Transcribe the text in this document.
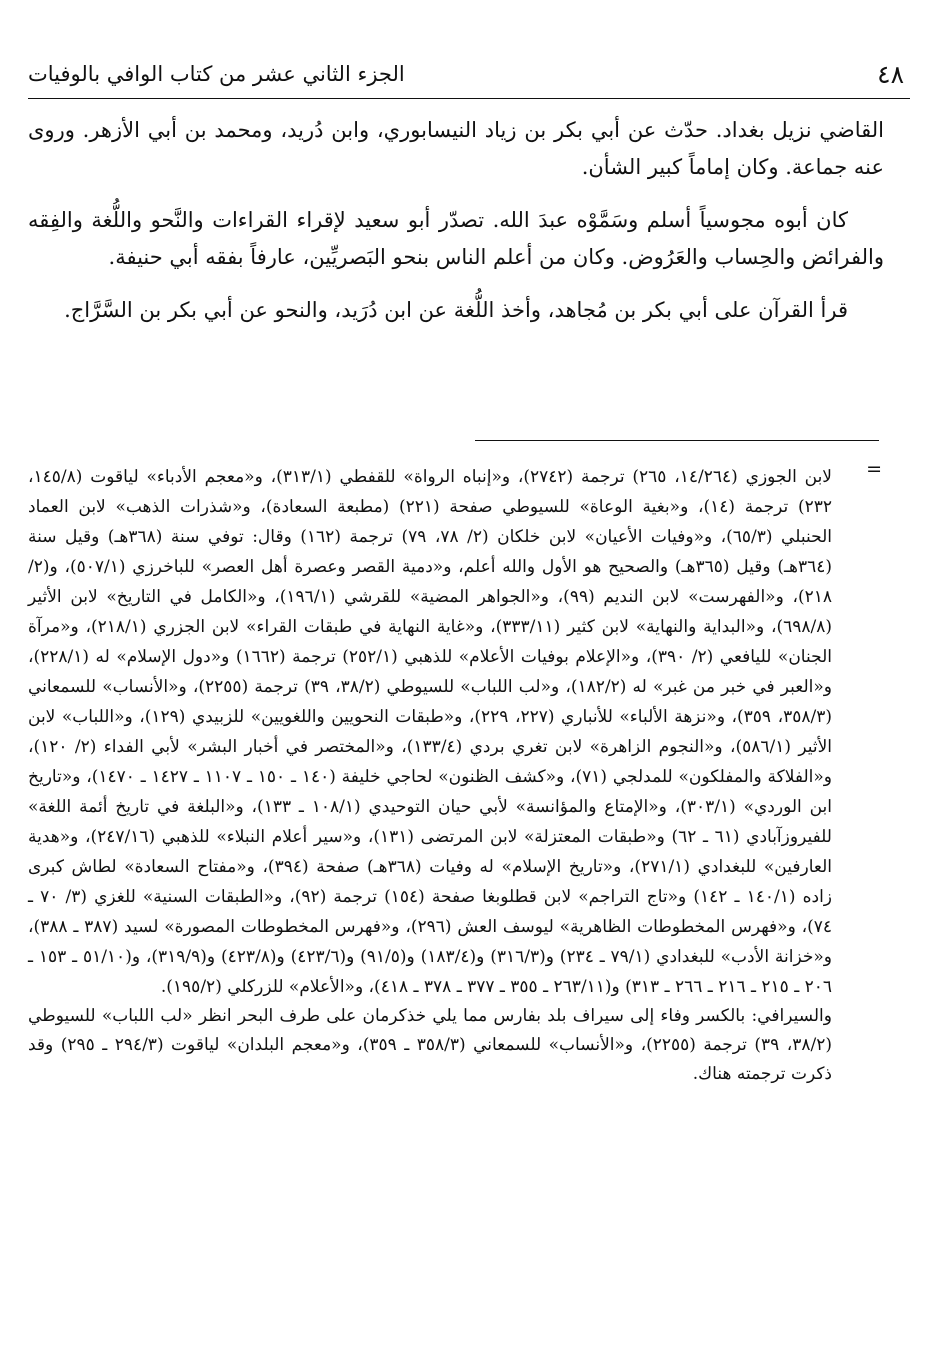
٤٨
الجزء الثاني عشر من كتاب الوافي بالوفيات

القاضي نزيل بغداد. حدّث عن أبي بكر بن زياد النيسابوري، وابن دُريد، ومحمد بن أبي الأزهر. وروى عنه جماعة. وكان إماماً كبير الشأن.

كان أبوه مجوسياً أسلم وسَمَّوْه عبدَ الله. تصدّر أبو سعيد لإقراء القراءات والنَّحو واللُّغة والفِقه والفرائض والحِساب والعَرُوض. وكان من أعلم الناس بنحو البَصريِّين، عارفاً بفقه أبي حنيفة.

قرأ القرآن على أبي بكر بن مُجاهد، وأخذ اللُّغة عن ابن دُرَيد، والنحو عن أبي بكر بن السَّرَّاج.

=

لابن الجوزي (١٤/٢٦٤، ٢٦٥) ترجمة (٢٧٤٢)، و«إنباه الرواة» للقفطي (٣١٣/١)، و«معجم الأدباء» لياقوت (١٤٥/٨، ٢٣٢) ترجمة (١٤)، و«بغية الوعاة» للسيوطي صفحة (٢٢١) (مطبعة السعادة)، و«شذرات الذهب» لابن العماد الحنبلي (٦٥/٣)، و«وفيات الأعيان» لابن خلكان (٢/ ٧٨، ٧٩) ترجمة (١٦٢) وقال: توفي سنة (٣٦٨هـ) وقيل سنة (٣٦٤هـ) وقيل (٣٦٥هـ) والصحيح هو الأول والله أعلم، و«دمية القصر وعصرة أهل العصر» للباخرزي (٥٠٧/١)، و(٢/ ٢١٨)، و«الفهرست» لابن النديم (٩٩)، و«الجواهر المضية» للقرشي (١٩٦/١)، و«الكامل في التاريخ» لابن الأثير (٦٩٨/٨)، و«البداية والنهاية» لابن كثير (٣٣٣/١١)، و«غاية النهاية في طبقات القراء» لابن الجزري (٢١٨/١)، و«مرآة الجنان» لليافعي (٢/ ٣٩٠)، و«الإعلام بوفيات الأعلام» للذهبي (٢٥٢/١) ترجمة (١٦٦٢) و«دول الإسلام» له (٢٢٨/١)، و«العبر في خبر من غبر» له (١٨٢/٢)، و«لب اللباب» للسيوطي (٣٨/٢، ٣٩) ترجمة (٢٢٥٥)، و«الأنساب» للسمعاني (٣٥٨/٣، ٣٥٩)، و«نزهة الألباء» للأنباري (٢٢٧، ٢٢٩)، و«طبقات النحويين واللغويين» للزبيدي (١٢٩)، و«اللباب» لابن الأثير (٥٨٦/١)، و«النجوم الزاهرة» لابن تغري بردي (١٣٣/٤)، و«المختصر في أخبار البشر» لأبي الفداء (٢/ ١٢٠)، و«الفلاكة والمفلكون» للمدلجي (٧١)، و«كشف الظنون» لحاجي خليفة (١٤٠ ـ ١٥٠ ـ ١١٠٧ ـ ١٤٢٧ ـ ١٤٧٠)، و«تاريخ ابن الوردي» (٣٠٣/١)، و«الإمتاع والمؤانسة» لأبي حيان التوحيدي (١٠٨/١ ـ ١٣٣)، و«البلغة في تاريخ أئمة اللغة» للفيروزآبادي (٦١ ـ ٦٢) و«طبقات المعتزلة» لابن المرتضى (١٣١)، و«سير أعلام النبلاء» للذهبي (٢٤٧/١٦)، و«هدية العارفين» للبغدادي (٢٧١/١)، و«تاريخ الإسلام» له وفيات (٣٦٨هـ) صفحة (٣٩٤)، و«مفتاح السعادة» لطاش كبرى زاده (١٤٠/١ ـ ١٤٢) و«تاج التراجم» لابن قطلوبغا صفحة (١٥٤) ترجمة (٩٢)، و«الطبقات السنية» للغزي (٣/ ٧٠ ـ ٧٤)، و«فهرس المخطوطات الظاهرية» ليوسف العش (٢٩٦)، و«فهرس المخطوطات المصورة» لسيد (٣٨٧ ـ ٣٨٨)، و«خزانة الأدب» للبغدادي (٧٩/١ ـ ٢٣٤) و(٣١٦/٣) و(١٨٣/٤) و(٩١/٥) و(٤٢٣/٦) و(٤٢٣/٨) و(٣١٩/٩)، و(٥١/١٠ ـ ١٥٣ ـ ٢٠٦ ـ ٢١٥ ـ ٢١٦ ـ ٢٦٦ ـ ٣١٣) و(٢٦٣/١١ ـ ٣٥٥ ـ ٣٧٧ ـ ٣٧٨ ـ ٤١٨)، و«الأعلام» للزركلي (١٩٥/٢).

والسيرافي: بالكسر وفاء إلى سيراف بلد بفارس مما يلي خذكرمان على طرف البحر انظر «لب اللباب» للسيوطي (٣٨/٢، ٣٩) ترجمة (٢٢٥٥)، و«الأنساب» للسمعاني (٣٥٨/٣ ـ ٣٥٩)، و«معجم البلدان» لياقوت (٢٩٤/٣ ـ ٢٩٥) وقد ذكرت ترجمته هناك.
